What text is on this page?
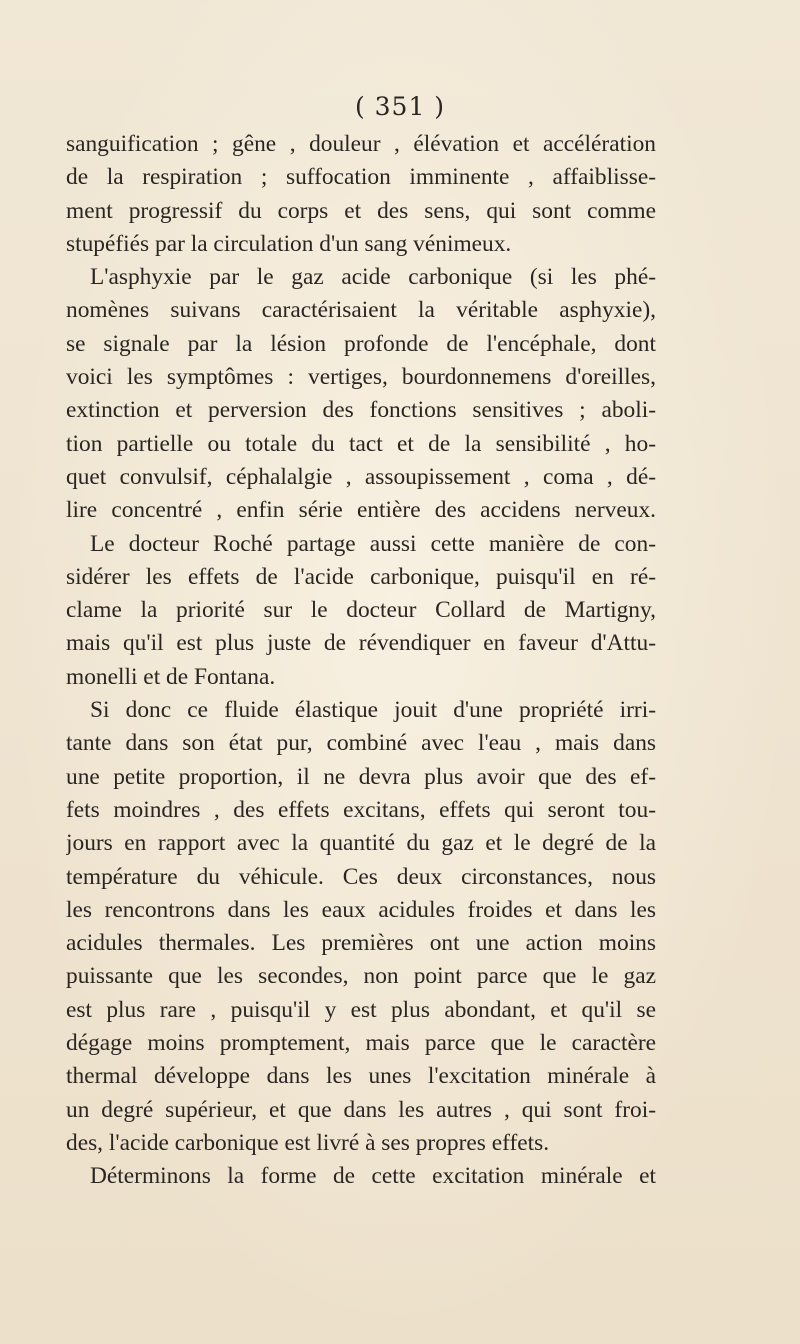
( 351 )
sanguification ; gêne , douleur , élévation et accélération
de la respiration ; suffocation imminente , affaiblisse-
ment progressif du corps et des sens, qui sont comme
stupéfiés par la circulation d'un sang vénimeux.
L'asphyxie par le gaz acide carbonique (si les phé-
nomènes suivans caractérisaient la véritable asphyxie),
se signale par la lésion profonde de l'encéphale, dont
voici les symptômes : vertiges, bourdonnemens d'oreilles,
extinction et perversion des fonctions sensitives ; aboli-
tion partielle ou totale du tact et de la sensibilité , ho-
quet convulsif, céphalalgie , assoupissement , coma , dé-
lire concentré , enfin série entière des accidens nerveux.
Le docteur Roché partage aussi cette manière de con-
sidérer les effets de l'acide carbonique, puisqu'il en ré-
clame la priorité sur le docteur Collard de Martigny,
mais qu'il est plus juste de révendiquer en faveur d'Attu-
monelli et de Fontana.
Si donc ce fluide élastique jouit d'une propriété irri-
tante dans son état pur, combiné avec l'eau , mais dans
une petite proportion, il ne devra plus avoir que des ef-
fets moindres , des effets excitans, effets qui seront tou-
jours en rapport avec la quantité du gaz et le degré de la
température du véhicule. Ces deux circonstances, nous
les rencontrons dans les eaux acidules froides et dans les
acidules thermales. Les premières ont une action moins
puissante que les secondes, non point parce que le gaz
est plus rare , puisqu'il y est plus abondant, et qu'il se
dégage moins promptement, mais parce que le caractère
thermal développe dans les unes l'excitation minérale à
un degré supérieur, et que dans les autres , qui sont froi-
des, l'acide carbonique est livré à ses propres effets.
Déterminons la forme de cette excitation minérale et
